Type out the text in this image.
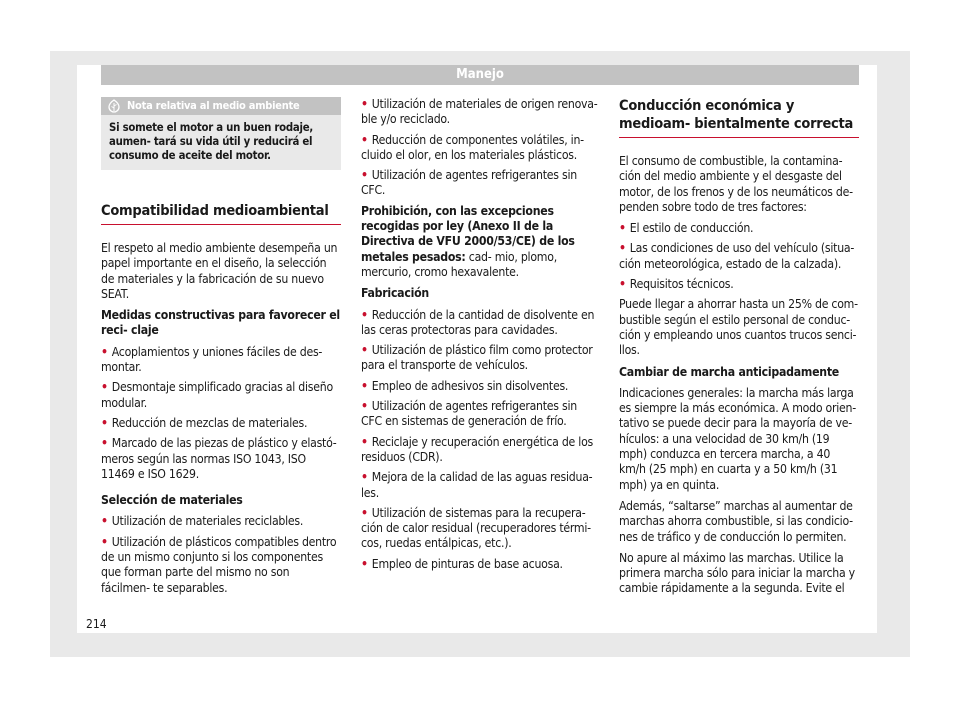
Manejo
Nota relativa al medio ambiente
Si somete el motor a un buen rodaje, aumen- tará su vida útil y reducirá el consumo de aceite del motor.
Compatibilidad medioambiental

El respeto al medio ambiente desempeña un papel importante en el diseño, la selección de materiales y la fabricación de su nuevo SEAT.

Medidas constructivas para favorecer el reci- claje

• Acoplamientos y uniones fáciles de des- montar.
• Desmontaje simplificado gracias al diseño modular.
• Reducción de mezclas de materiales.
• Marcado de las piezas de plástico y elastó- meros según las normas ISO 1043, ISO 11469 e ISO 1629.

Selección de materiales

• Utilización de materiales reciclables.
• Utilización de plásticos compatibles dentro de un mismo conjunto si los componentes que forman parte del mismo no son fácilmen- te separables.
• Utilización de materiales de origen renova- ble y/o reciclado.
• Reducción de componentes volátiles, in- cluido el olor, en los materiales plásticos.
• Utilización de agentes refrigerantes sin CFC.

Prohibición, con las excepciones recogidas por ley (Anexo II de la Directiva de VFU 2000/53/CE) de los metales pesados: cad- mio, plomo, mercurio, cromo hexavalente.

Fabricación

• Reducción de la cantidad de disolvente en las ceras protectoras para cavidades.
• Utilización de plástico film como protector para el transporte de vehículos.
• Empleo de adhesivos sin disolventes.
• Utilización de agentes refrigerantes sin CFC en sistemas de generación de frío.
• Reciclaje y recuperación energética de los residuos (CDR).
• Mejora de la calidad de las aguas residua- les.
• Utilización de sistemas para la recupera- ción de calor residual (recuperadores térmi- cos, ruedas entálpicas, etc.).
• Empleo de pinturas de base acuosa.
Conducción económica y medioam- bientalmente correcta

El consumo de combustible, la contamina- ción del medio ambiente y el desgaste del motor, de los frenos y de los neumáticos de- penden sobre todo de tres factores:

• El estilo de conducción.
• Las condiciones de uso del vehículo (situa- ción meteorológica, estado de la calzada).
• Requisitos técnicos.

Puede llegar a ahorrar hasta un 25% de com- bustible según el estilo personal de conduc- ción y empleando unos cuantos trucos senci- llos.

Cambiar de marcha anticipadamente

Indicaciones generales: la marcha más larga es siempre la más económica. A modo orien- tativo se puede decir para la mayoría de ve- hículos: a una velocidad de 30 km/h (19 mph) conduzca en tercera marcha, a 40 km/h (25 mph) en cuarta y a 50 km/h (31 mph) ya en quinta.

Además, “saltarse” marchas al aumentar de marchas ahorra combustible, si las condicio- nes de tráfico y de conducción lo permiten.

No apure al máximo las marchas. Utilice la primera marcha sólo para iniciar la marcha y cambie rápidamente a la segunda. Evite el

214
